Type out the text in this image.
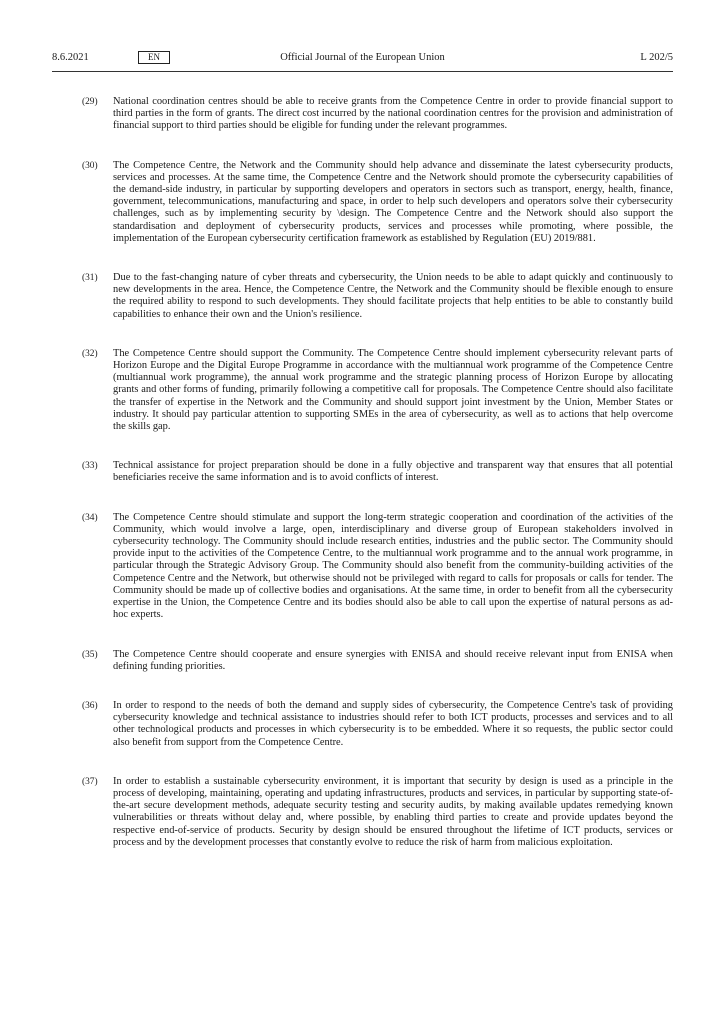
8.6.2021	EN	Official Journal of the European Union	L 202/5
(29) National coordination centres should be able to receive grants from the Competence Centre in order to provide financial support to third parties in the form of grants. The direct cost incurred by the national coordination centres for the provision and administration of financial support to third parties should be eligible for funding under the relevant programmes.
(30) The Competence Centre, the Network and the Community should help advance and disseminate the latest cybersecurity products, services and processes. At the same time, the Competence Centre and the Network should promote the cybersecurity capabilities of the demand-side industry, in particular by supporting developers and operators in sectors such as transport, energy, health, finance, government, telecommunications, manufacturing and space, in order to help such developers and operators solve their cybersecurity challenges, such as by implementing security by \design. The Competence Centre and the Network should also support the standardisation and deployment of cybersecurity products, services and processes while promoting, where possible, the implementation of the European cybersecurity certification framework as established by Regulation (EU) 2019/881.
(31) Due to the fast-changing nature of cyber threats and cybersecurity, the Union needs to be able to adapt quickly and continuously to new developments in the area. Hence, the Competence Centre, the Network and the Community should be flexible enough to ensure the required ability to respond to such developments. They should facilitate projects that help entities to be able to constantly build capabilities to enhance their own and the Union's resilience.
(32) The Competence Centre should support the Community. The Competence Centre should implement cybersecurity relevant parts of Horizon Europe and the Digital Europe Programme in accordance with the multiannual work programme of the Competence Centre (multiannual work programme), the annual work programme and the strategic planning process of Horizon Europe by allocating grants and other forms of funding, primarily following a competitive call for proposals. The Competence Centre should also facilitate the transfer of expertise in the Network and the Community and should support joint investment by the Union, Member States or industry. It should pay particular attention to supporting SMEs in the area of cybersecurity, as well as to actions that help overcome the skills gap.
(33) Technical assistance for project preparation should be done in a fully objective and transparent way that ensures that all potential beneficiaries receive the same information and is to avoid conflicts of interest.
(34) The Competence Centre should stimulate and support the long-term strategic cooperation and coordination of the activities of the Community, which would involve a large, open, interdisciplinary and diverse group of European stakeholders involved in cybersecurity technology. The Community should include research entities, industries and the public sector. The Community should provide input to the activities of the Competence Centre, to the multiannual work programme and to the annual work programme, in particular through the Strategic Advisory Group. The Community should also benefit from the community-building activities of the Competence Centre and the Network, but otherwise should not be privileged with regard to calls for proposals or calls for tender. The Community should be made up of collective bodies and organisations. At the same time, in order to benefit from all the cybersecurity expertise in the Union, the Competence Centre and its bodies should also be able to call upon the expertise of natural persons as ad-hoc experts.
(35) The Competence Centre should cooperate and ensure synergies with ENISA and should receive relevant input from ENISA when defining funding priorities.
(36) In order to respond to the needs of both the demand and supply sides of cybersecurity, the Competence Centre's task of providing cybersecurity knowledge and technical assistance to industries should refer to both ICT products, processes and services and to all other technological products and processes in which cybersecurity is to be embedded. Where it so requests, the public sector could also benefit from support from the Competence Centre.
(37) In order to establish a sustainable cybersecurity environment, it is important that security by design is used as a principle in the process of developing, maintaining, operating and updating infrastructures, products and services, in particular by supporting state-of-the-art secure development methods, adequate security testing and security audits, by making available updates remedying known vulnerabilities or threats without delay and, where possible, by enabling third parties to create and provide updates beyond the respective end-of-service of products. Security by design should be ensured throughout the lifetime of ICT products, services or process and by the development processes that constantly evolve to reduce the risk of harm from malicious exploitation.
